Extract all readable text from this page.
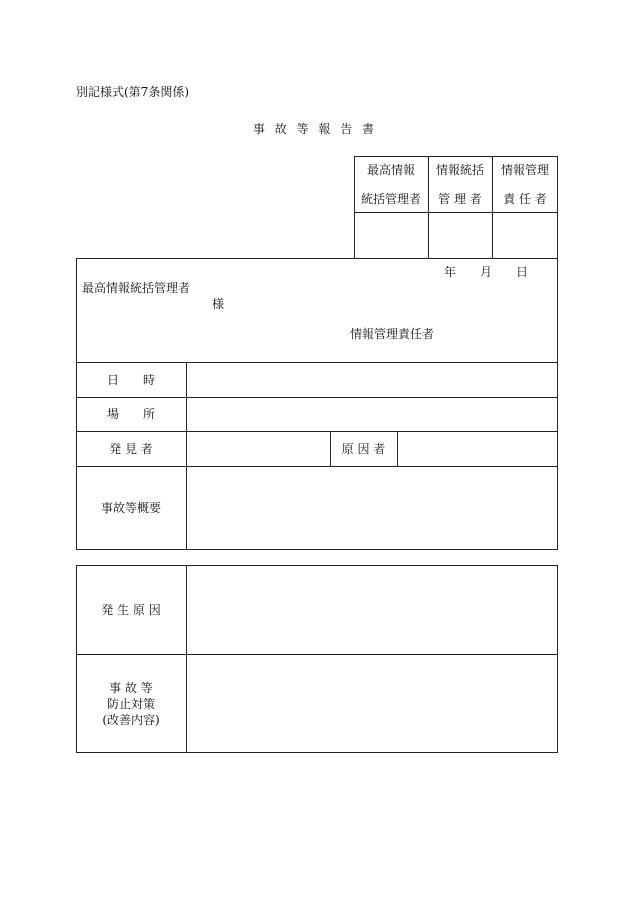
別記様式(第7条関係)
事 故 等 報 告 書
最高情報
統括管理者
情報統括
管 理 者
情報管理
責 任 者
年　　月　　日
最高情報統括管理者
様
情報管理責任者
日　　時
場　　所
発 見 者	原 因 者
事故等概要
発 生 原 因
事 故 等
防止対策
(改善内容)
